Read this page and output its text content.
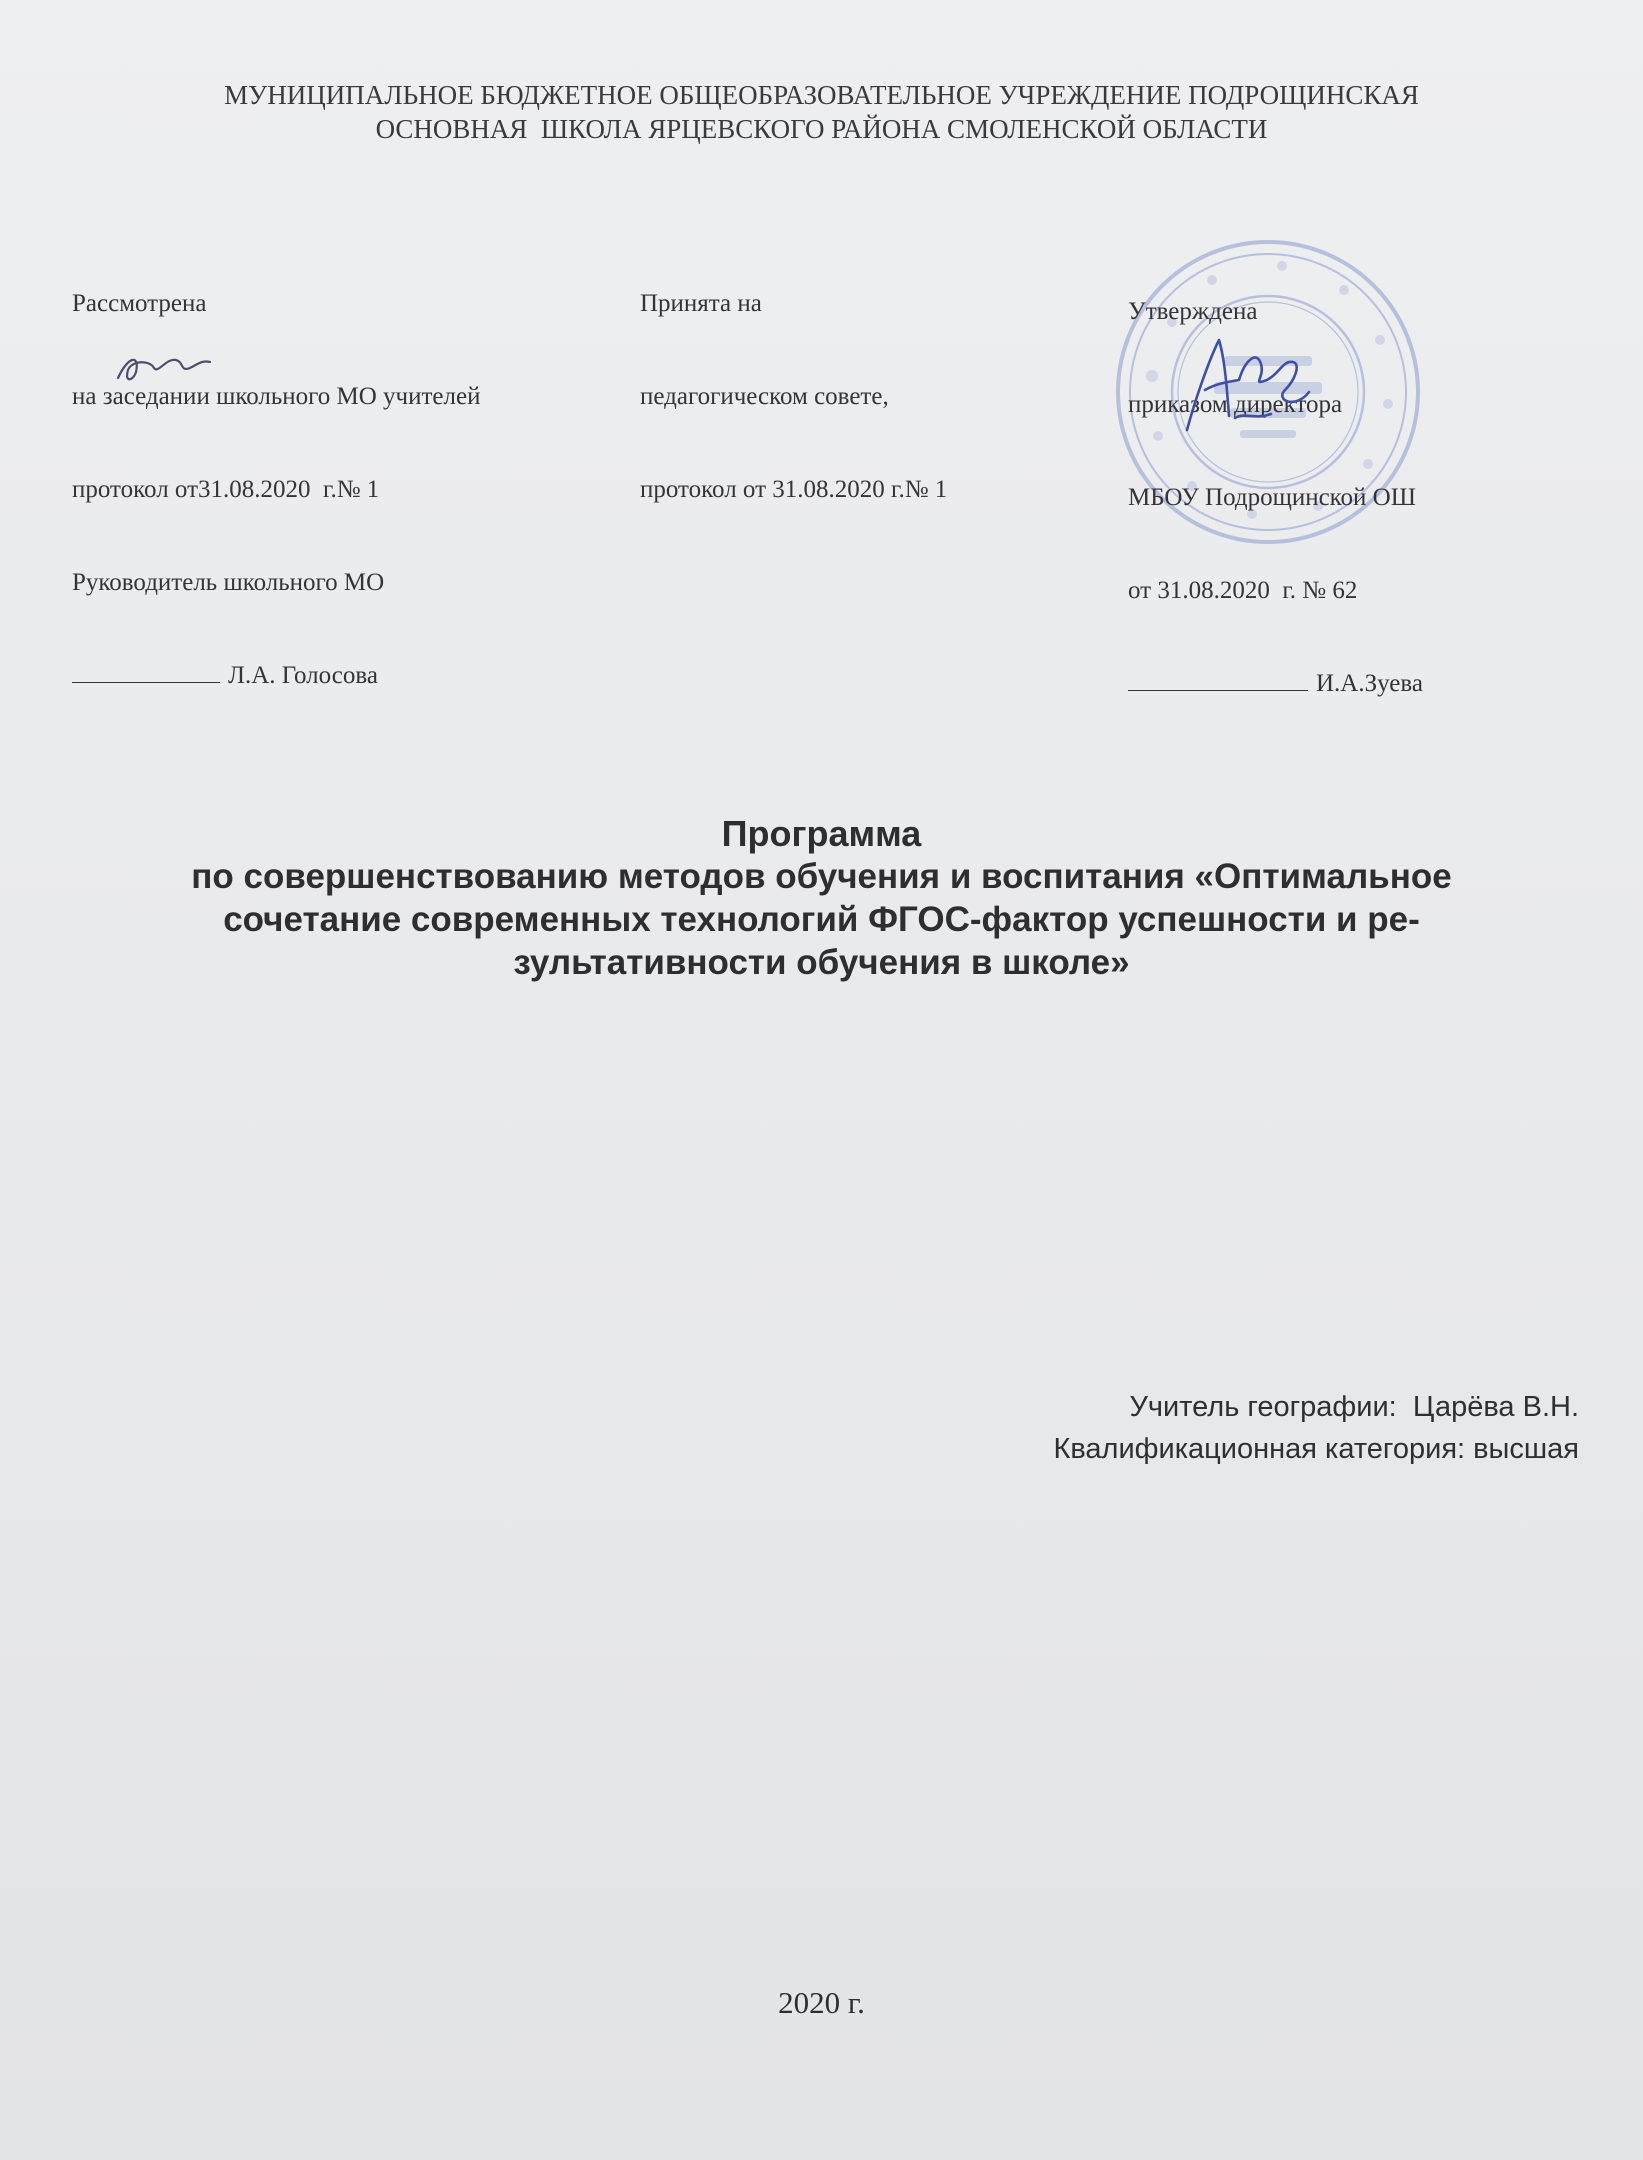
МУНИЦИПАЛЬНОЕ БЮДЖЕТНОЕ ОБЩЕОБРАЗОВАТЕЛЬНОЕ УЧРЕЖДЕНИЕ ПОДРОЩИНСКАЯ
ОСНОВНАЯ  ШКОЛА ЯРЦЕВСКОГО РАЙОНА СМОЛЕНСКОЙ ОБЛАСТИ

Рассмотрена

на заседании школьного МО учителей

протокол от31.08.2020  г.№ 1

Руководитель школьного МО

Л.А. Голосова

Принята на

педагогическом совете,

протокол от 31.08.2020 г.№ 1

Утверждена

приказом директора

МБОУ Подрощинской ОШ

от 31.08.2020  г. № 62

И.А.Зуева

Программа
по совершенствованию методов обучения и воспитания «Оптимальное
сочетание современных технологий ФГОС-фактор успешности и ре-
зультативности обучения в школе»
Учитель географии:  Царёва В.Н.
Квалификационная категория: высшая
2020 г.
